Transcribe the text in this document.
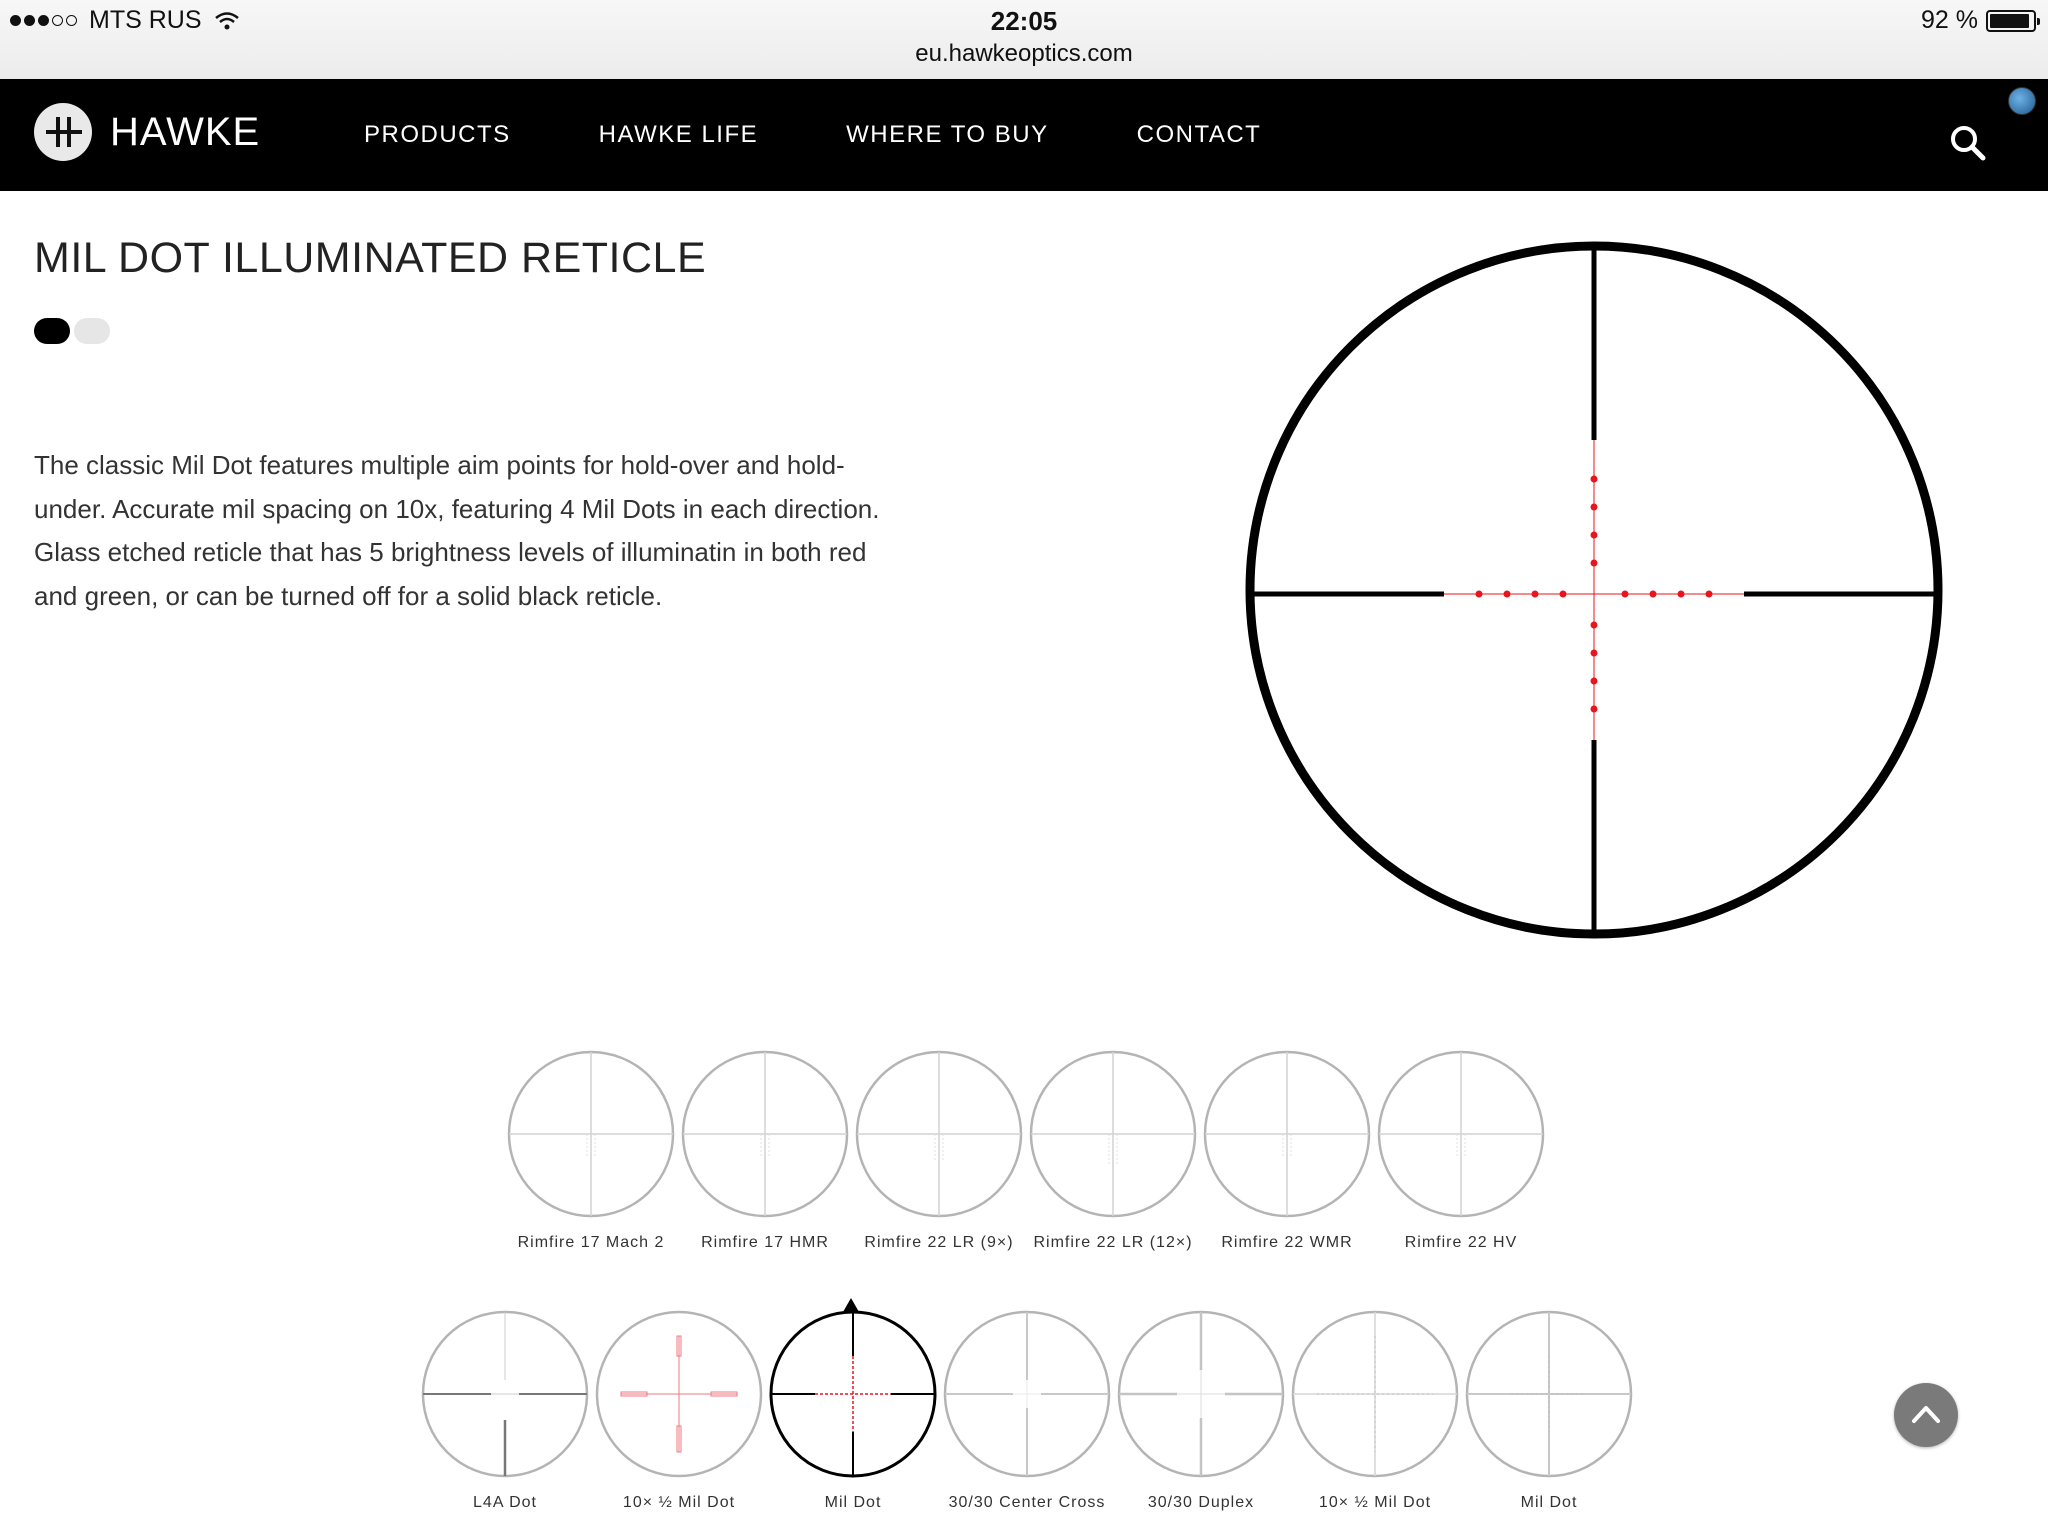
MTS RUS	22:05
eu.hawkeoptics.com
92 %
HAWKE	PRODUCTS	HAWKE LIFE	WHERE TO BUY	CONTACT
MIL DOT ILLUMINATED RETICLE

The classic Mil Dot features multiple aim points for hold-over and hold-under. Accurate mil spacing on 10x, featuring 4 Mil Dots in each direction. Glass etched reticle that has 5 brightness levels of illuminatin in both red and green, or can be turned off for a solid black reticle.

Rimfire 17 Mach 2 Rimfire 17 HMR Rimfire 22 LR (9×) Rimfire 22 LR (12×) Rimfire 22 WMR	Rimfire 22 HV
L4A Dot	10× ½ Mil Dot	Mil Dot	30/30 Center Cross	30/30 Duplex	10× ½ Mil Dot	Mil Dot
